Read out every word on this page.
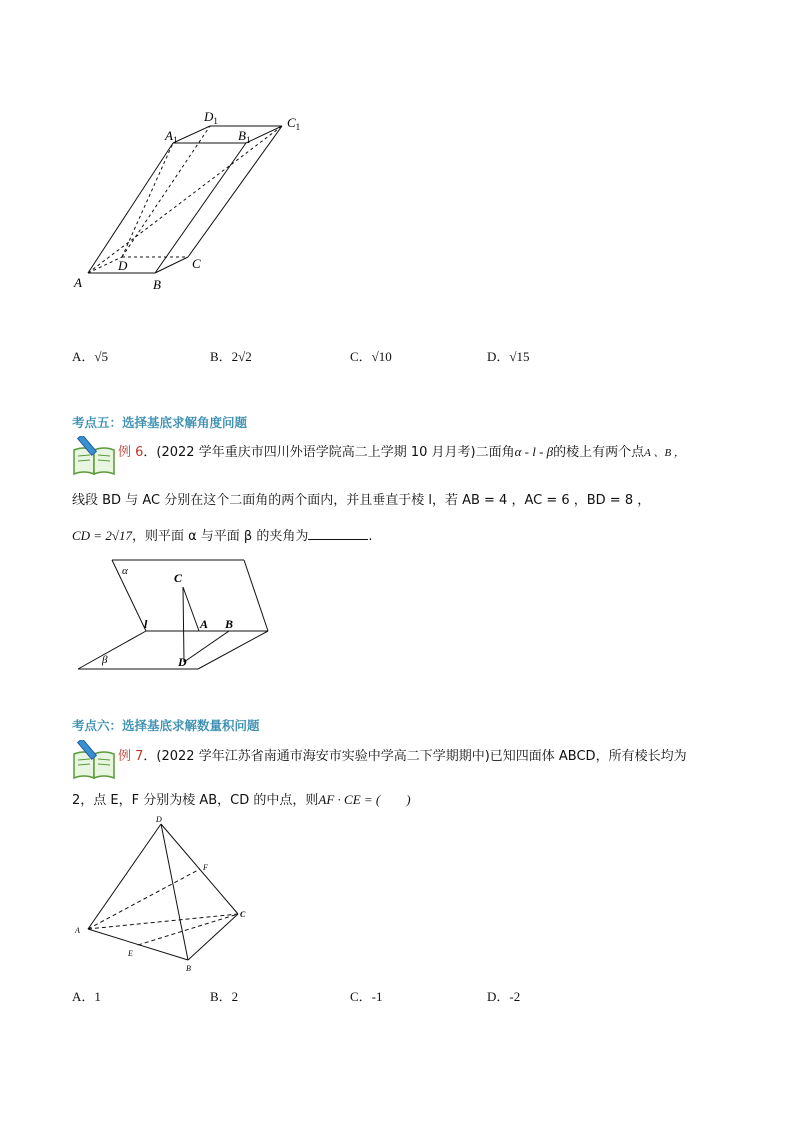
$D_1$	$C_1$
$A_1$	$B_1$
A	B
C
D
A．√5	B．2√2	C．√10	D．√15
考点五：选择基底求解角度问题
例 6．(2022 学年重庆市四川外语学院高二上学期 10 月月考)二面角α - l - β的棱上有两个点A 、B ，
线段 BD 与 AC 分别在这个二面角的两个面内，并且垂直于棱 l，若 AB = 4 ，AC = 6 ，BD = 8 ，
CD = 2√17，则平面 α 与平面 β 的夹角为	.
α	C
l	A B
β	D
考点六：选择基底求解数量积问题
例 7．(2022 学年江苏省南通市海安市实验中学高二下学期期中)已知四面体 ABCD，所有棱长均为
2，点 E，F 分别为棱 AB，CD 的中点，则AF · CE = (　　)
D
F
C
A
E
B
A．1	B．2	C．-1	D．-2
